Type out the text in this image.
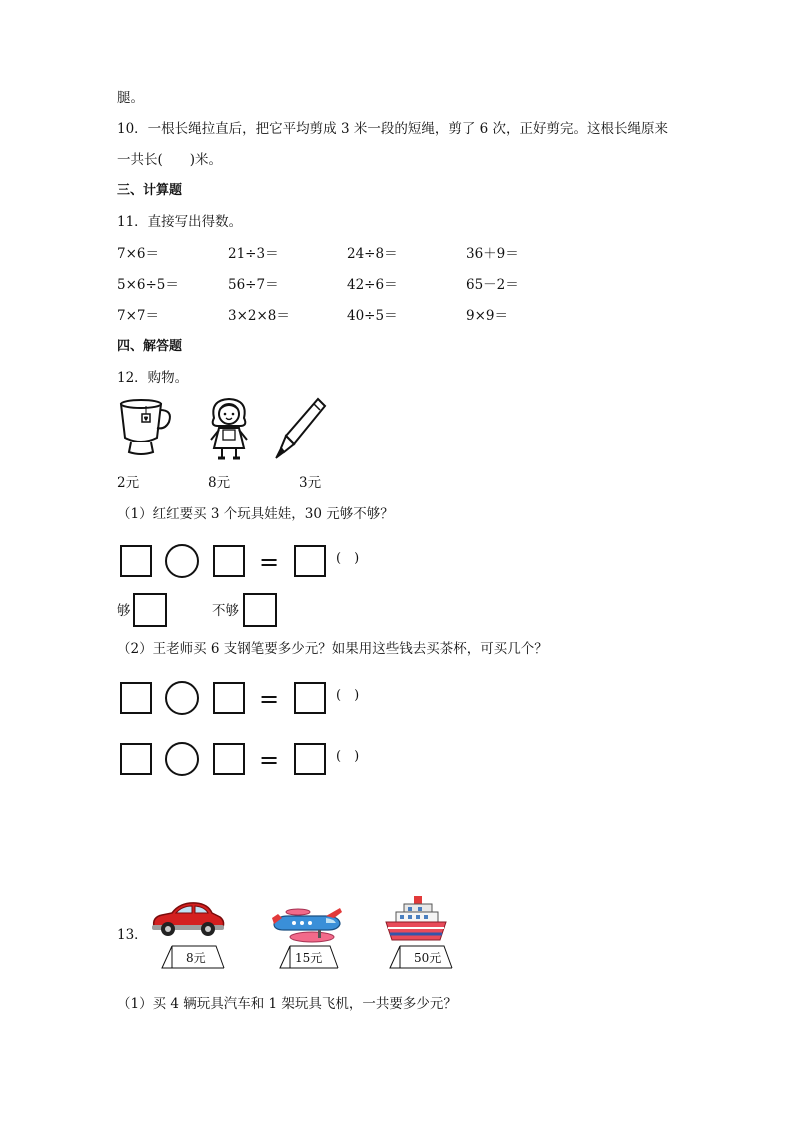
腿。
10．一根长绳拉直后，把它平均剪成 3 米一段的短绳，剪了 6 次，正好剪完。这根长绳原来
一共长(　　)米。
三、计算题
11．直接写出得数。
7×6＝	21÷3＝	24÷8＝	36＋9＝
5×6÷5＝	56÷7＝	42÷6＝	65－2＝
7×7＝	3×2×8＝	40÷5＝	9×9＝
四、解答题
12．购物。
2元	8元	3元
（1）红红要买 3 个玩具娃娃，30 元够不够？
=	(　)
够	不够
（2）王老师买 6 支钢笔要多少元？如果用这些钱去买茶杯，可买几个？
=	(　)
=	(　)
13．
8元	15元	50元
（1）买 4 辆玩具汽车和 1 架玩具飞机，一共要多少元？
